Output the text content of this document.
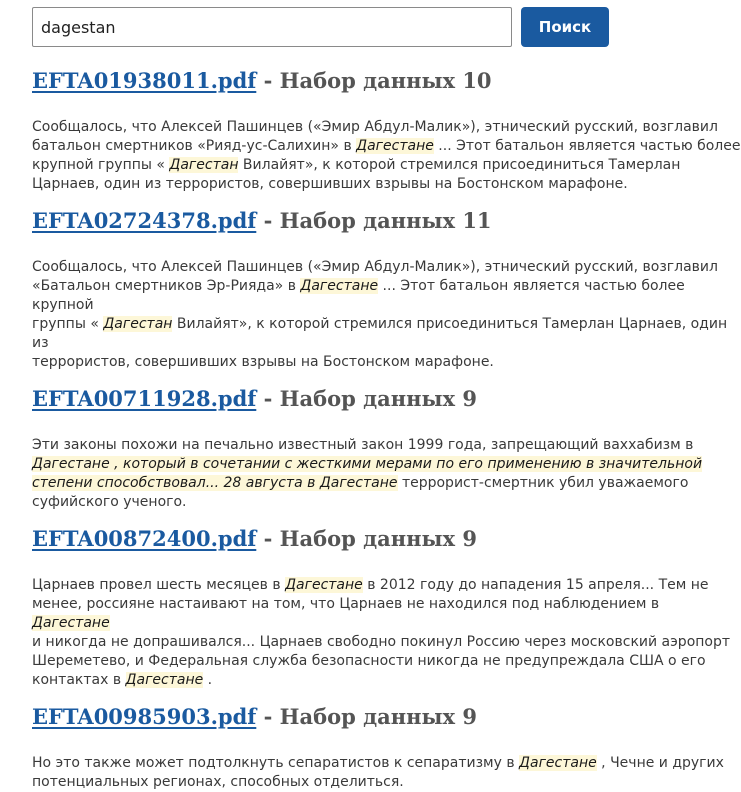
dagestan
Поиск
EFTA01938011.pdf - Набор данных 10

Сообщалось, что Алексей Пашинцев («Эмир Абдул-Малик»), этнический русский, возглавил
батальон смертников «Рияд-ус-Салихин» в Дагестане ... Этот батальон является частью более
крупной группы « Дагестан Вилайят», к которой стремился присоединиться Тамерлан
Царнаев, один из террористов, совершивших взрывы на Бостонском марафоне.

EFTA02724378.pdf - Набор данных 11

Сообщалось, что Алексей Пашинцев («Эмир Абдул-Малик»), этнический русский, возглавил
«Батальон смертников Эр-Рияда» в Дагестане ... Этот батальон является частью более крупной
группы « Дагестан Вилайят», к которой стремился присоединиться Тамерлан Царнаев, один из
террористов, совершивших взрывы на Бостонском марафоне.

EFTA00711928.pdf - Набор данных 9

Эти законы похожи на печально известный закон 1999 года, запрещающий ваххабизм в
Дагестане , который в сочетании с жесткими мерами по его применению в значительной
степени способствовал... 28 августа в Дагестане террорист-смертник убил уважаемого
суфийского ученого.

EFTA00872400.pdf - Набор данных 9

Царнаев провел шесть месяцев в Дагестане в 2012 году до нападения 15 апреля... Тем не
менее, россияне настаивают на том, что Царнаев не находился под наблюдением в Дагестане
и никогда не допрашивался... Царнаев свободно покинул Россию через московский аэропорт
Шереметево, и Федеральная служба безопасности никогда не предупреждала США о его
контактах в Дагестане .

EFTA00985903.pdf - Набор данных 9

Но это также может подтолкнуть сепаратистов к сепаратизму в Дагестане , Чечне и других
потенциальных регионах, способных отделиться.
